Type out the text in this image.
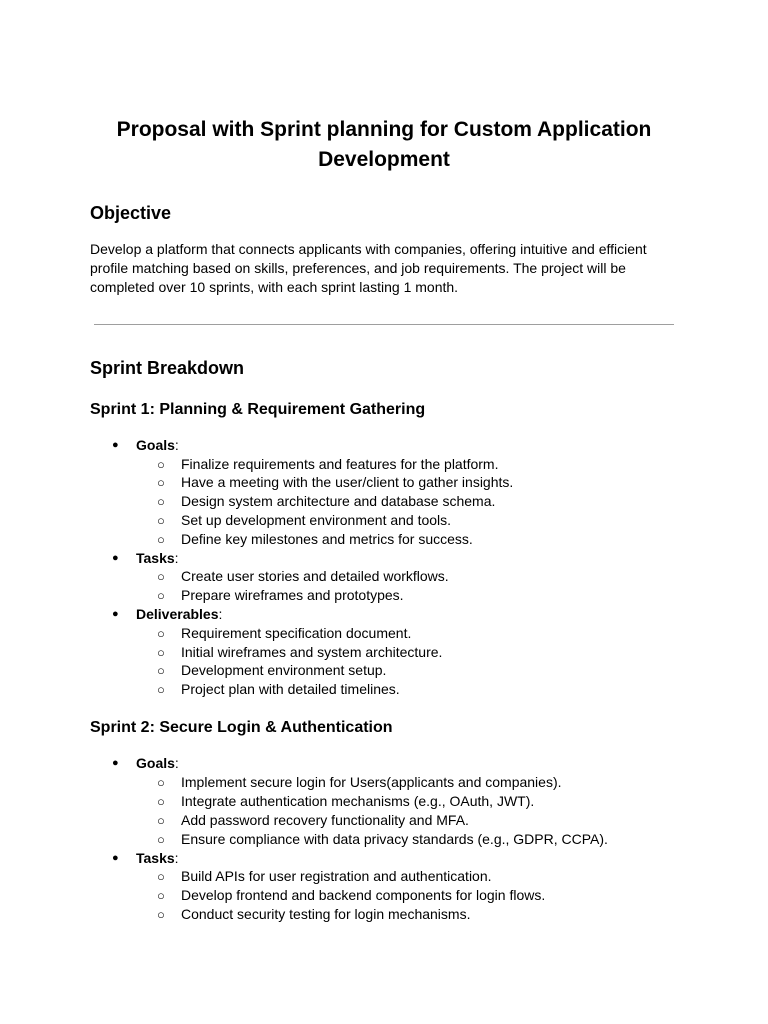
Proposal with Sprint planning for Custom Application Development
Objective

Develop a platform that connects applicants with companies, offering intuitive and efficient profile matching based on skills, preferences, and job requirements. The project will be completed over 10 sprints, with each sprint lasting 1 month.

Sprint Breakdown
Sprint 1: Planning & Requirement Gathering
● Goals:
○ Finalize requirements and features for the platform.
○ Have a meeting with the user/client to gather insights.
○ Design system architecture and database schema.
○ Set up development environment and tools.
○ Define key milestones and metrics for success.
● Tasks:
○ Create user stories and detailed workflows.
○ Prepare wireframes and prototypes.
● Deliverables:
○ Requirement specification document.
○ Initial wireframes and system architecture.
○ Development environment setup.
○ Project plan with detailed timelines.
Sprint 2: Secure Login & Authentication
● Goals:
○ Implement secure login for Users(applicants and companies).
○ Integrate authentication mechanisms (e.g., OAuth, JWT).
○ Add password recovery functionality and MFA.
○ Ensure compliance with data privacy standards (e.g., GDPR, CCPA).
● Tasks:
○ Build APIs for user registration and authentication.
○ Develop frontend and backend components for login flows.
○ Conduct security testing for login mechanisms.
